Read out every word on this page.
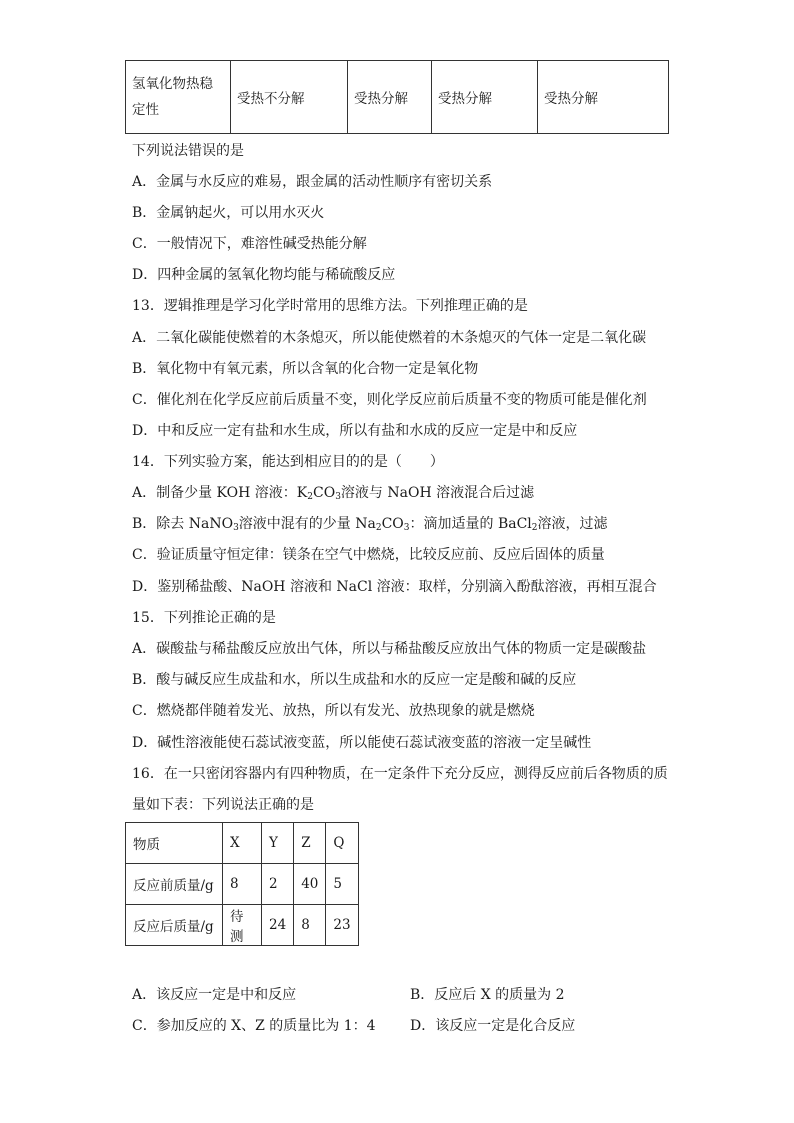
氢氧化物热稳定性	受热不分解	受热分解	受热分解	受热分解
下列说法错误的是
A．金属与水反应的难易，跟金属的活动性顺序有密切关系
B．金属钠起火，可以用水灭火
C．一般情况下，难溶性碱受热能分解
D．四种金属的氢氧化物均能与稀硫酸反应
13．逻辑推理是学习化学时常用的思维方法。下列推理正确的是
A．二氧化碳能使燃着的木条熄灭，所以能使燃着的木条熄灭的气体一定是二氧化碳
B．氧化物中有氧元素，所以含氧的化合物一定是氧化物
C．催化剂在化学反应前后质量不变，则化学反应前后质量不变的物质可能是催化剂
D．中和反应一定有盐和水生成，所以有盐和水成的反应一定是中和反应
14．下列实验方案，能达到相应目的的是（　　）
A．制备少量 KOH 溶液：$K_2CO_3$溶液与 NaOH 溶液混合后过滤
B．除去 NaNO$_3$溶液中混有的少量 $Na_2CO_3$：滴加适量的 BaCl$_2$溶液，过滤
C．验证质量守恒定律：镁条在空气中燃烧，比较反应前、反应后固体的质量
D．鉴别稀盐酸、NaOH 溶液和 NaCl 溶液：取样，分别滴入酚酞溶液，再相互混合
15．下列推论正确的是
A．碳酸盐与稀盐酸反应放出气体，所以与稀盐酸反应放出气体的物质一定是碳酸盐
B．酸与碱反应生成盐和水，所以生成盐和水的反应一定是酸和碱的反应
C．燃烧都伴随着发光、放热，所以有发光、放热现象的就是燃烧
D．碱性溶液能使石蕊试液变蓝，所以能使石蕊试液变蓝的溶液一定呈碱性
16．在一只密闭容器内有四种物质，在一定条件下充分反应，测得反应前后各物质的质
量如下表：下列说法正确的是
物质	X	Y	Z	Q
反应前质量/g	8	2	40	5
反应后质量/g	待测	24	8	23
A．该反应一定是中和反应	B．反应后 X 的质量为 2
C．参加反应的 X、Z 的质量比为 1：4 D．该反应一定是化合反应
